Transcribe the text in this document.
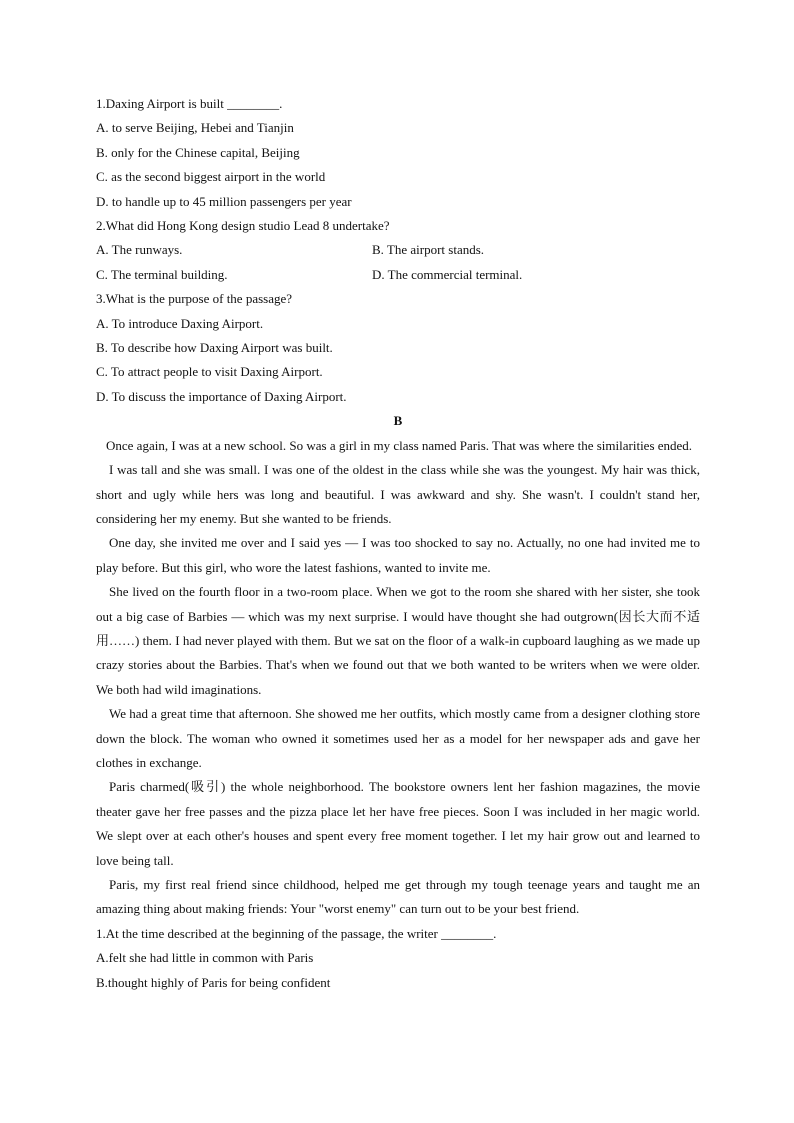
1.Daxing Airport is built ________.
A. to serve Beijing, Hebei and Tianjin
B. only for the Chinese capital, Beijing
C. as the second biggest airport in the world
D. to handle up to 45 million passengers per year
2.What did Hong Kong design studio Lead 8 undertake?
A. The runways.	B. The airport stands.
C. The terminal building.	D. The commercial terminal.
3.What is the purpose of the passage?
A. To introduce Daxing Airport.
B. To describe how Daxing Airport was built.
C. To attract people to visit Daxing Airport.
D. To discuss the importance of Daxing Airport.
B
Once again, I was at a new school. So was a girl in my class named Paris. That was where the similarities ended.
I was tall and she was small. I was one of the oldest in the class while she was the youngest. My hair was thick, short and ugly while hers was long and beautiful. I was awkward and shy. She wasn't. I couldn't stand her, considering her my enemy. But she wanted to be friends.
One day, she invited me over and I said yes — I was too shocked to say no. Actually, no one had invited me to play before. But this girl, who wore the latest fashions, wanted to invite me.
She lived on the fourth floor in a two-room place. When we got to the room she shared with her sister, she took out a big case of Barbies — which was my next surprise. I would have thought she had outgrown(因长大而不适用……) them. I had never played with them. But we sat on the floor of a walk-in cupboard laughing as we made up crazy stories about the Barbies. That's when we found out that we both wanted to be writers when we were older. We both had wild imaginations.
We had a great time that afternoon. She showed me her outfits, which mostly came from a designer clothing store down the block. The woman who owned it sometimes used her as a model for her newspaper ads and gave her clothes in exchange.
Paris charmed(吸引) the whole neighborhood. The bookstore owners lent her fashion magazines, the movie theater gave her free passes and the pizza place let her have free pieces. Soon I was included in her magic world. We slept over at each other's houses and spent every free moment together. I let my hair grow out and learned to love being tall.
Paris, my first real friend since childhood, helped me get through my tough teenage years and taught me an amazing thing about making friends: Your "worst enemy" can turn out to be your best friend.
1.At the time described at the beginning of the passage, the writer ________.
A.felt she had little in common with Paris
B.thought highly of Paris for being confident
